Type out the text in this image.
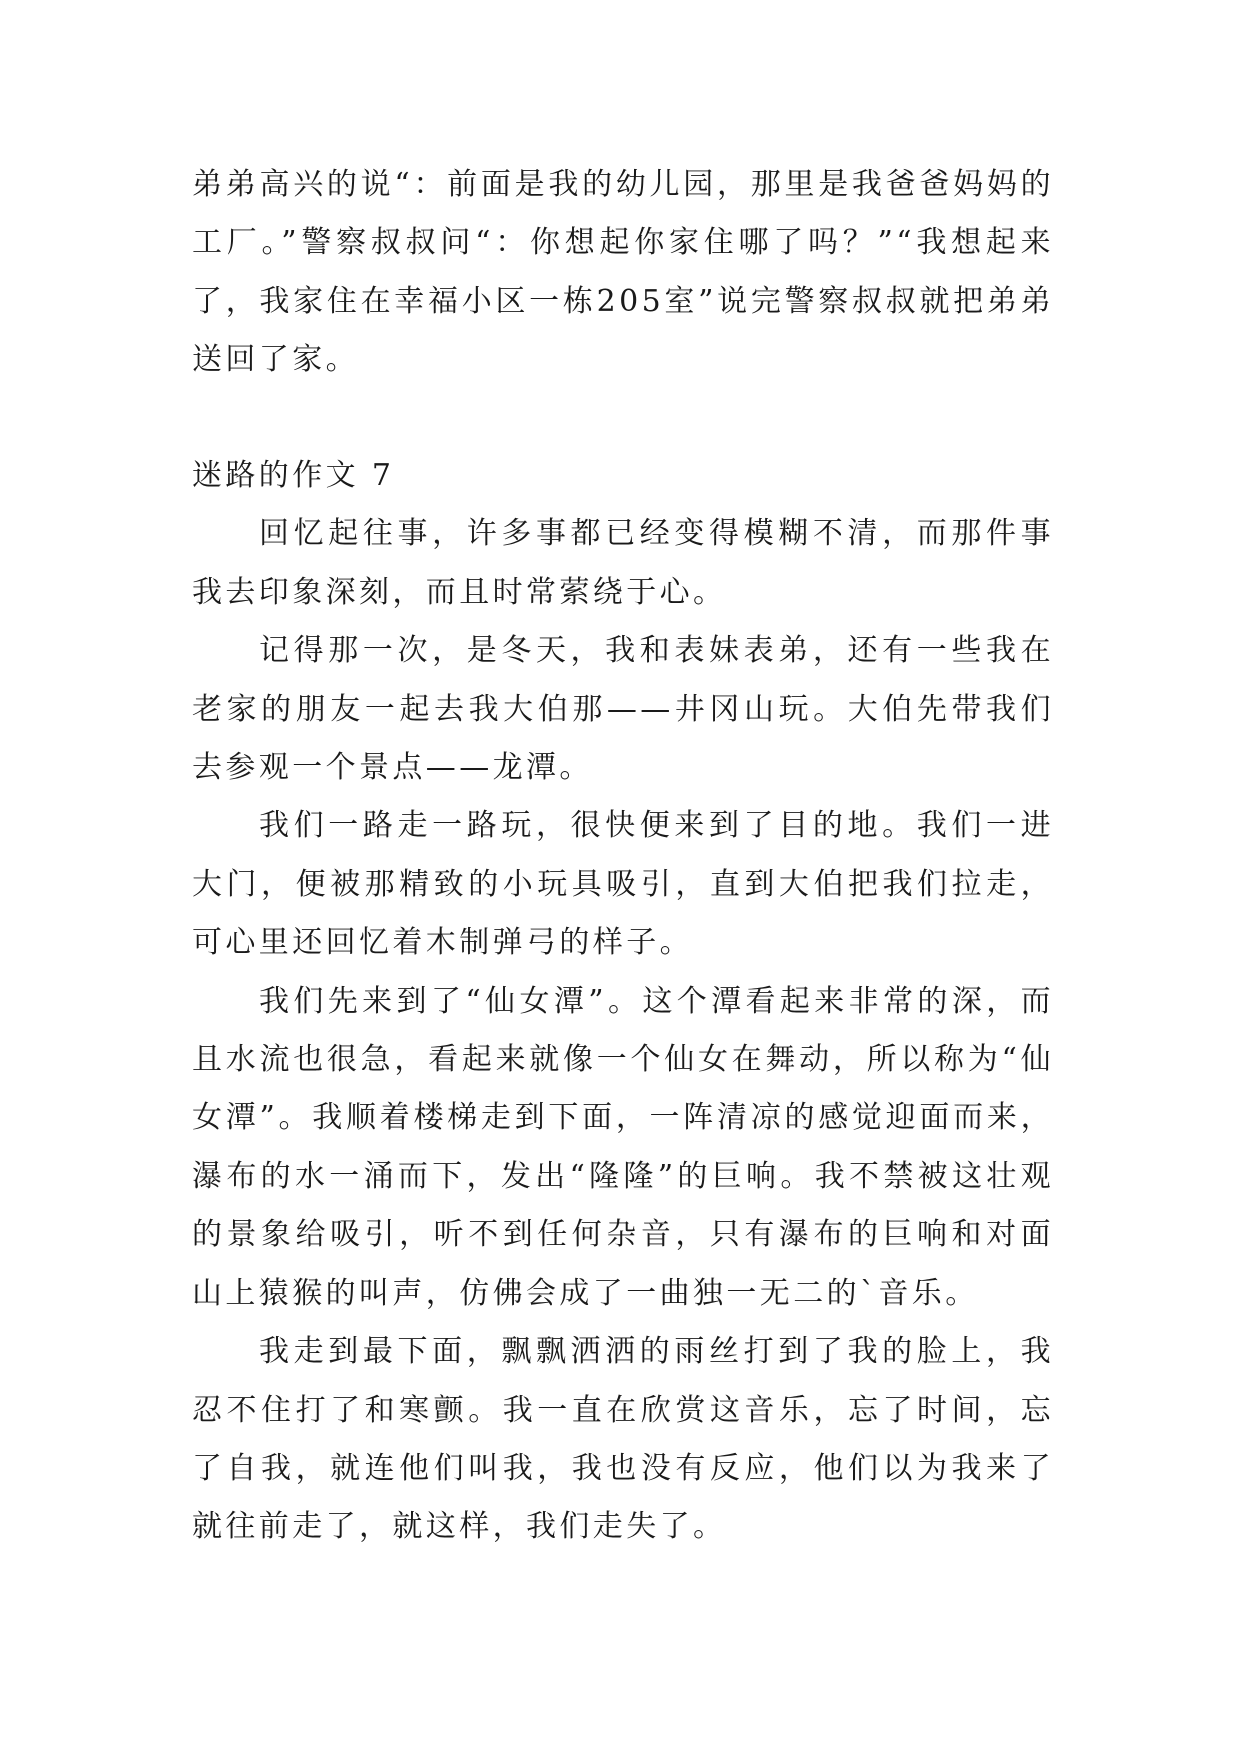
弟弟高兴的说“：前面是我的幼儿园，那里是我爸爸妈妈的工厂。”警察叔叔问“：你想起你家住哪了吗？”“我想起来了，我家住在幸福小区一栋205室”说完警察叔叔就把弟弟送回了家。

迷路的作文 7

回忆起往事，许多事都已经变得模糊不清，而那件事我去印象深刻，而且时常萦绕于心。

记得那一次，是冬天，我和表妹表弟，还有一些我在老家的朋友一起去我大伯那——井冈山玩。大伯先带我们去参观一个景点——龙潭。

我们一路走一路玩，很快便来到了目的地。我们一进大门，便被那精致的小玩具吸引，直到大伯把我们拉走，可心里还回忆着木制弹弓的样子。

我们先来到了“仙女潭”。这个潭看起来非常的深，而且水流也很急，看起来就像一个仙女在舞动，所以称为“仙女潭”。我顺着楼梯走到下面，一阵清凉的感觉迎面而来，瀑布的水一涌而下，发出“隆隆”的巨响。我不禁被这壮观的景象给吸引，听不到任何杂音，只有瀑布的巨响和对面山上猿猴的叫声，仿佛会成了一曲独一无二的`音乐。

我走到最下面，飘飘洒洒的雨丝打到了我的脸上，我忍不住打了和寒颤。我一直在欣赏这音乐，忘了时间，忘了自我，就连他们叫我，我也没有反应，他们以为我来了就往前走了，就这样，我们走失了。
